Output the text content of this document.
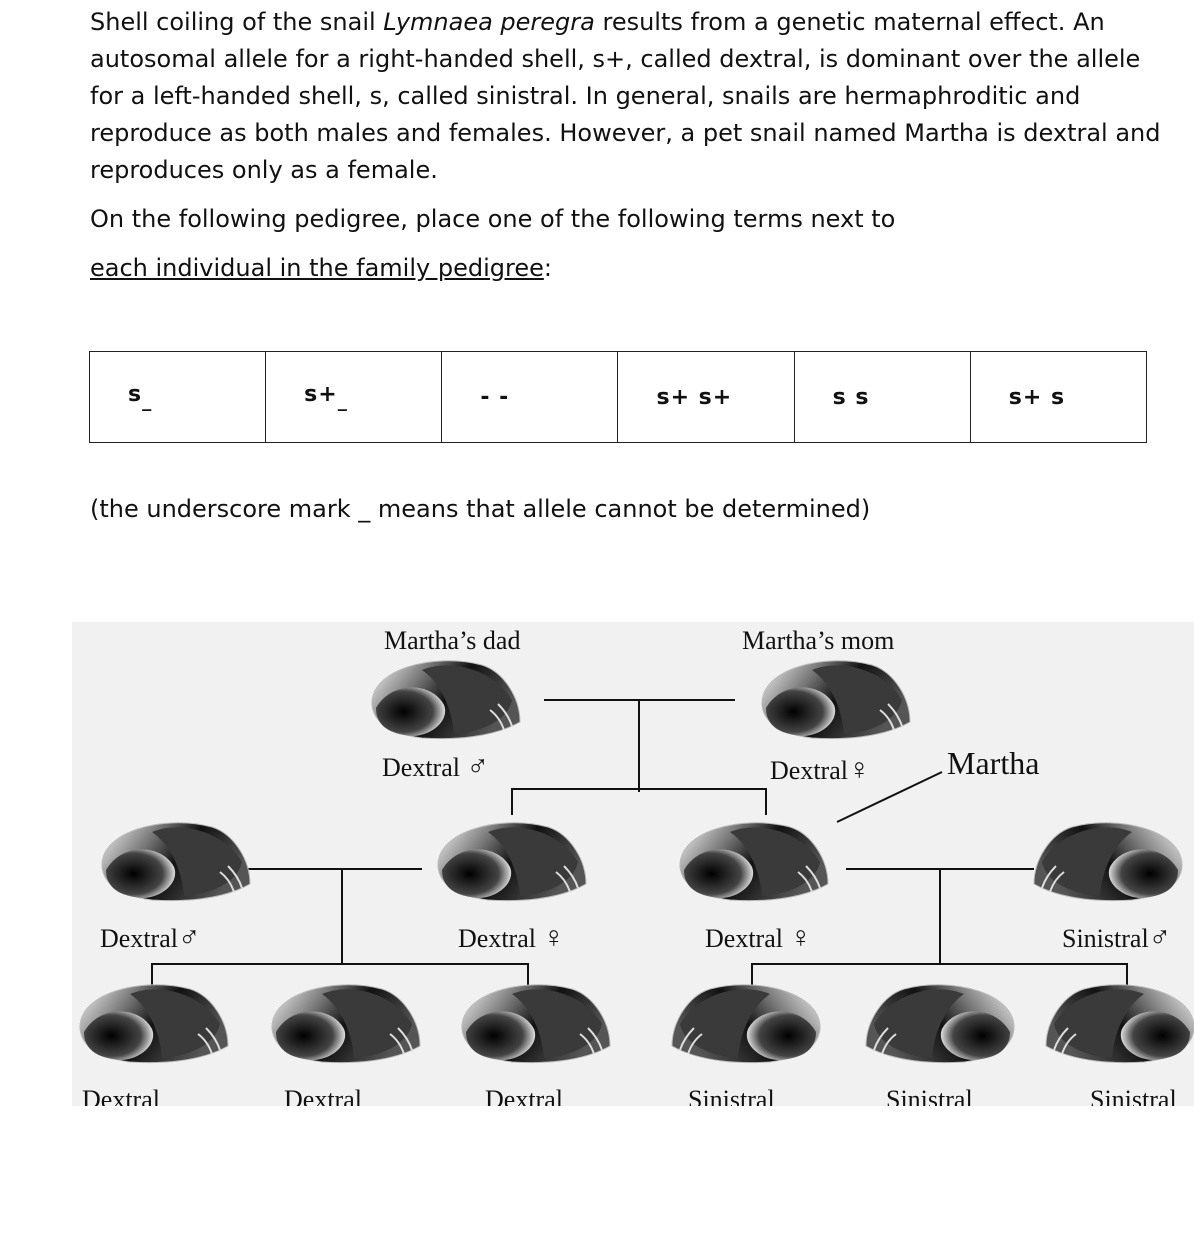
Shell coiling of the snail Lymnaea peregra results from a genetic maternal effect. An autosomal allele for a right-handed shell, s+, called dextral, is dominant over the allele for a left-handed shell, s, called sinistral. In general, snails are hermaphroditic and reproduce as both males and females. However, a pet snail named Martha is dextral and reproduces only as a female.

On the following pedigree, place one of the following terms next to

each individual in the family pedigree:

$s_{\_}$	$s+_{\_}$	- -	s+ s+	s s	s+ s

(the underscore mark _ means that allele cannot be determined)

Martha’s dad	Martha’s mom
Martha
Dextral ♂	Dextral♀
Dextral♂	Dextral ♀	Dextral ♀	Sinistral♂
Dextral	Dextral	Dextral	Sinistral	Sinistral	Sinistral
